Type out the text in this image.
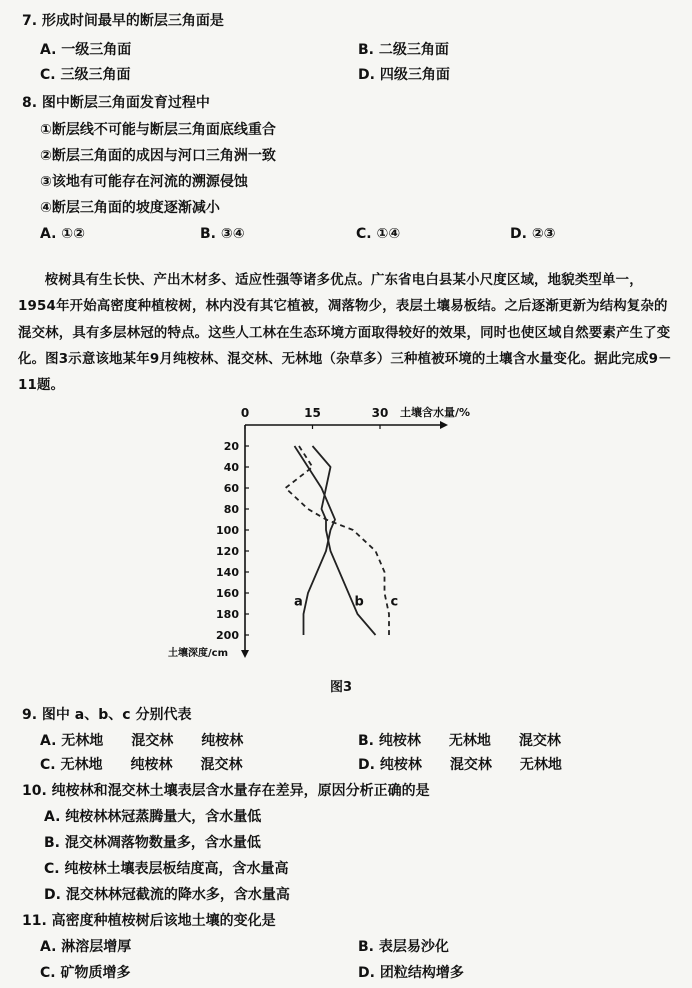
7. 形成时间最早的断层三角面是
A. 一级三角面	B. 二级三角面
C. 三级三角面	D. 四级三角面
8. 图中断层三角面发育过程中
①断层线不可能与断层三角面底线重合
②断层三角面的成因与河口三角洲一致
③该地有可能存在河流的溯源侵蚀
④断层三角面的坡度逐渐减小
A. ①②	B. ③④	C. ①④	D. ②③
桉树具有生长快、产出木材多、适应性强等诸多优点。广东省电白县某小尺度区域，地貌类型单一，1954年开始高密度种植桉树，林内没有其它植被，凋落物少，表层土壤易板结。之后逐渐更新为结构复杂的混交林，具有多层林冠的特点。这些人工林在生态环境方面取得较好的效果，同时也使区域自然要素产生了变化。图3示意该地某年9月纯桉林、混交林、无林地（杂草多）三种植被环境的土壤含水量变化。据此完成9－11题。
0	15	30 土壤含水量/%
20
40
60
80
100
120
140
160
180
200
土壤深度/cm
a	b c
图3
9. 图中 a、b、c 分别代表
A. 无林地　　混交林　　纯桉林	B. 纯桉林　　无林地　　混交林
C. 无林地　　纯桉林　　混交林	D. 纯桉林　　混交林　　无林地
10. 纯桉林和混交林土壤表层含水量存在差异，原因分析正确的是
A. 纯桉林林冠蒸腾量大，含水量低
B. 混交林凋落物数量多，含水量低
C. 纯桉林土壤表层板结度高，含水量高
D. 混交林林冠截流的降水多，含水量高
11. 高密度种植桉树后该地土壤的变化是
A. 淋溶层增厚	B. 表层易沙化
C. 矿物质增多	D. 团粒结构增多
